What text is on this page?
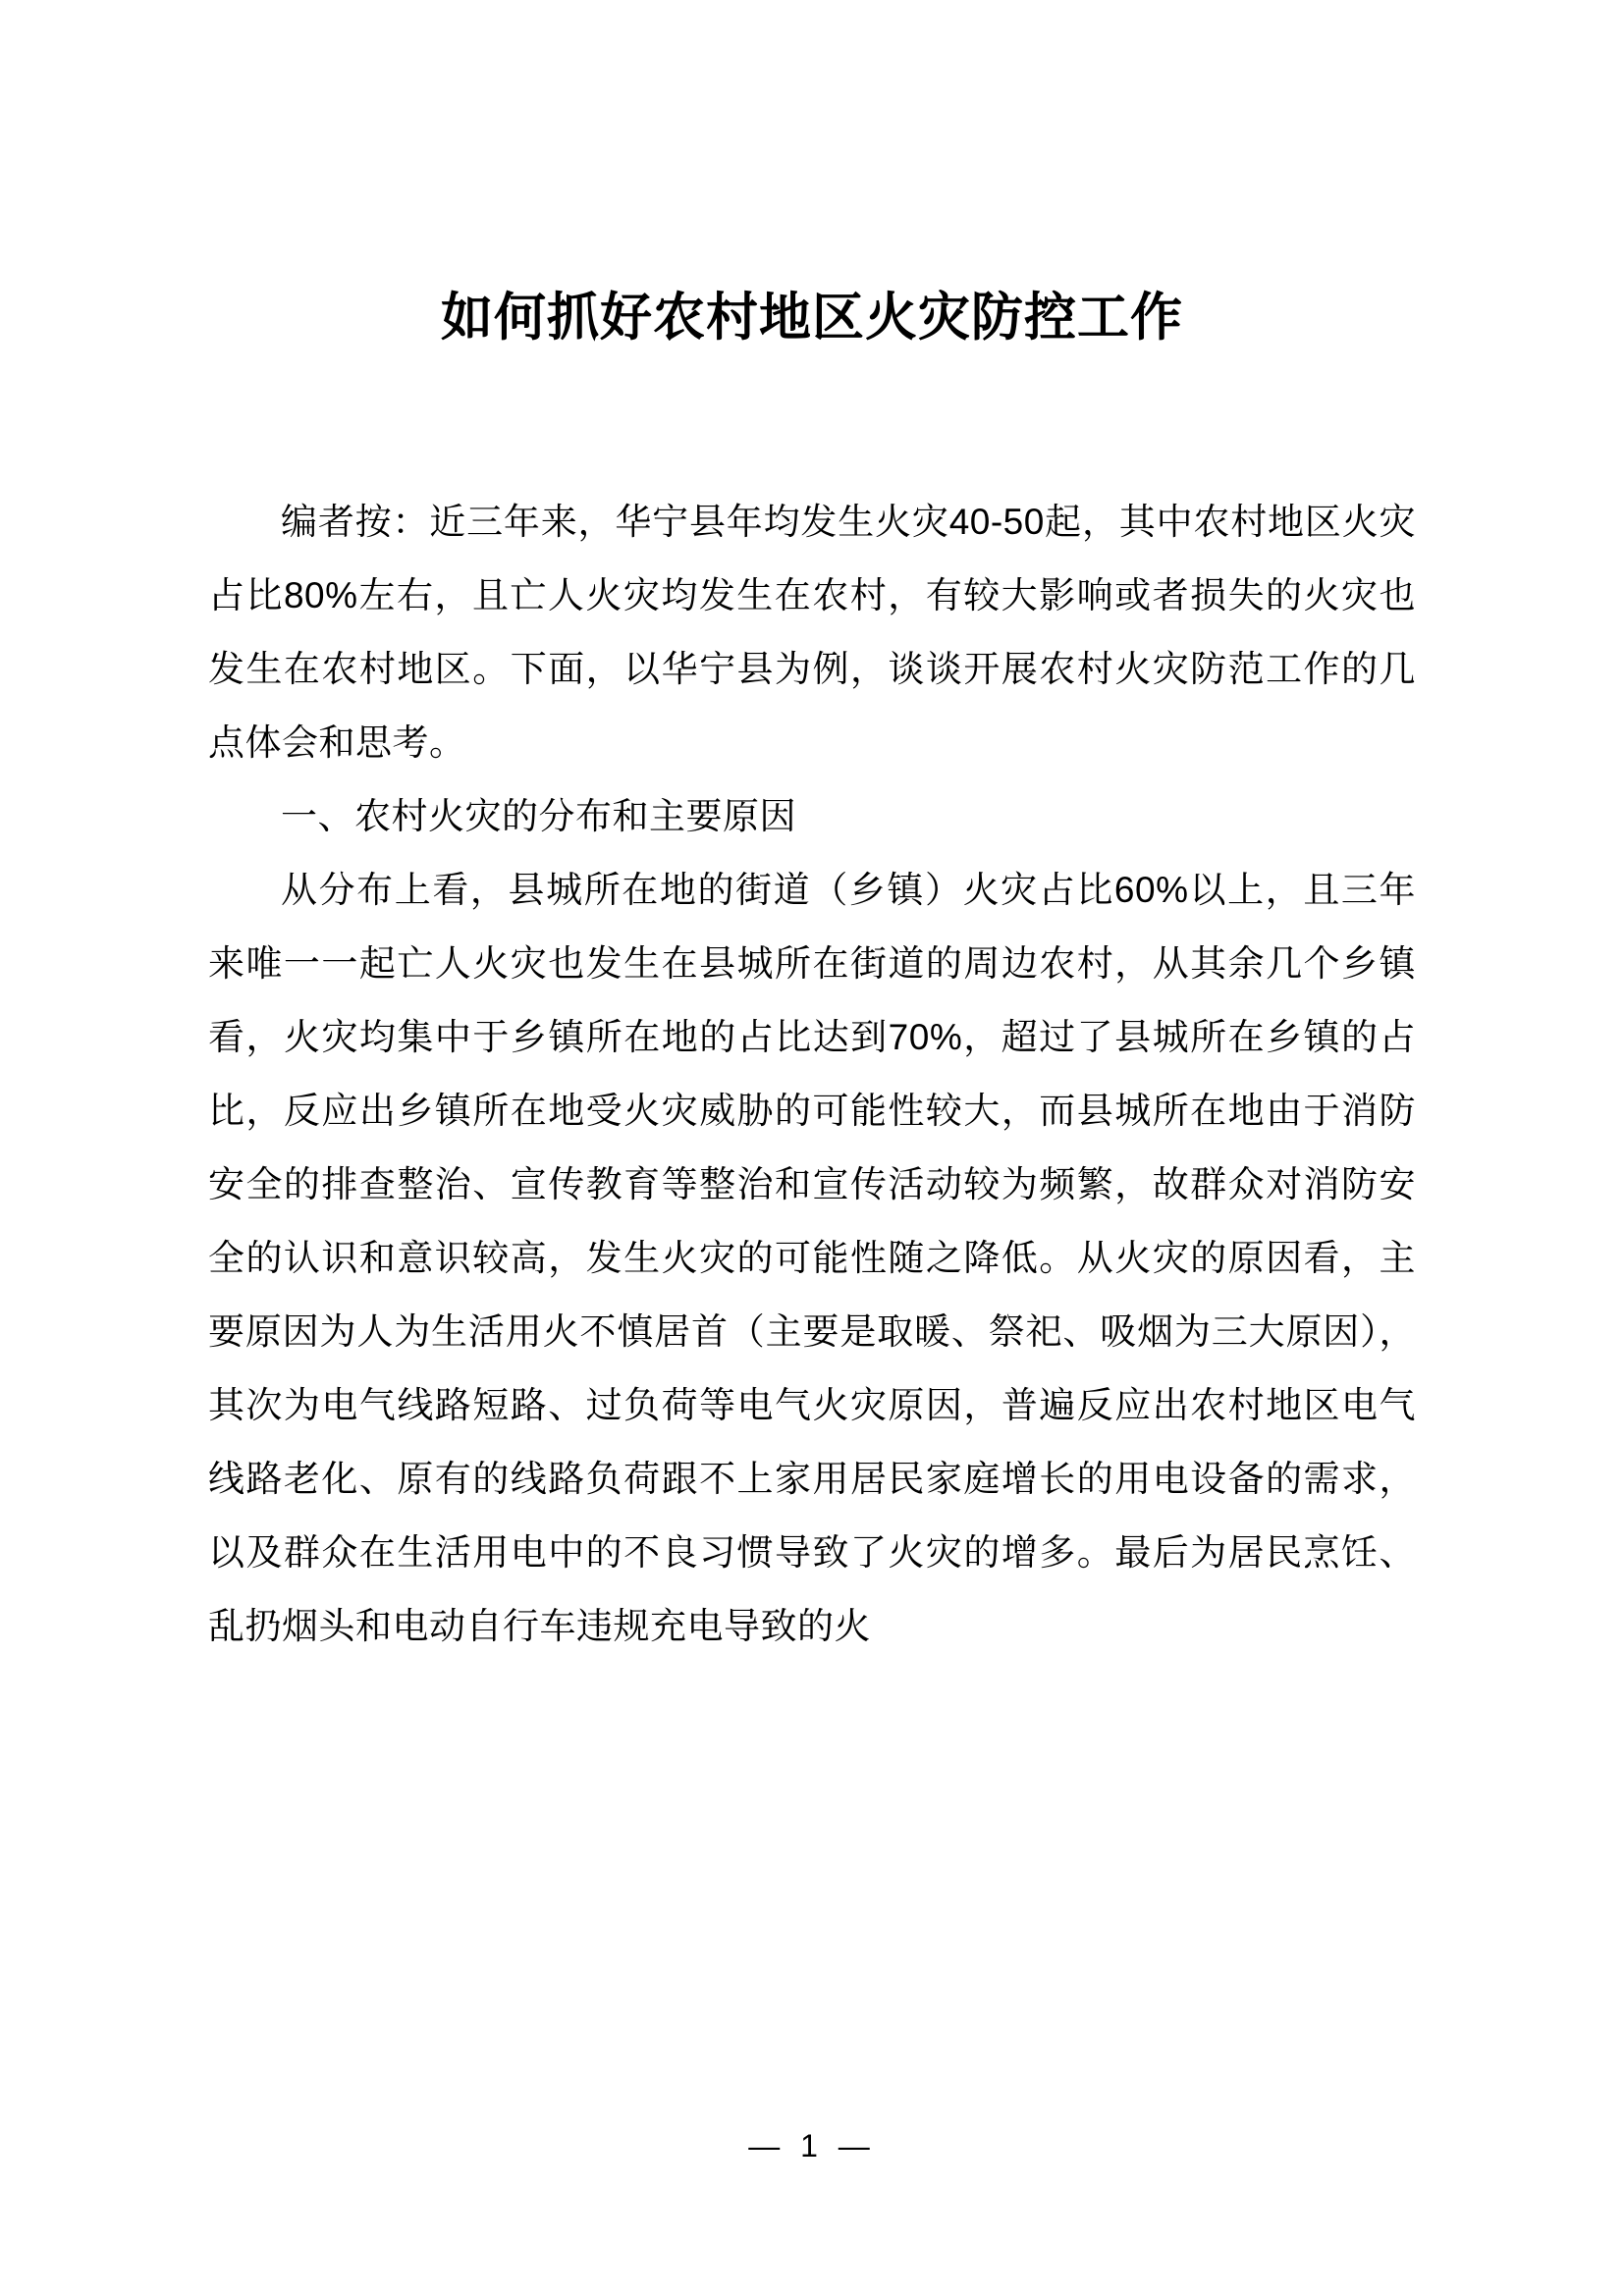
如何抓好农村地区火灾防控工作

编者按：近三年来，华宁县年均发生火灾40-50起，其中农村地区火灾占比80%左右，且亡人火灾均发生在农村，有较大影响或者损失的火灾也发生在农村地区。下面，以华宁县为例，谈谈开展农村火灾防范工作的几点体会和思考。

一、农村火灾的分布和主要原因

从分布上看，县城所在地的街道（乡镇）火灾占比60%以上，且三年来唯一一起亡人火灾也发生在县城所在街道的周边农村，从其余几个乡镇看，火灾均集中于乡镇所在地的占比达到70%，超过了县城所在乡镇的占比，反应出乡镇所在地受火灾威胁的可能性较大，而县城所在地由于消防安全的排查整治、宣传教育等整治和宣传活动较为频繁，故群众对消防安全的认识和意识较高，发生火灾的可能性随之降低。从火灾的原因看，主要原因为人为生活用火不慎居首（主要是取暖、祭祀、吸烟为三大原因），其次为电气线路短路、过负荷等电气火灾原因，普遍反应出农村地区电气线路老化、原有的线路负荷跟不上家用居民家庭增长的用电设备的需求，以及群众在生活用电中的不良习惯导致了火灾的增多。最后为居民烹饪、乱扔烟头和电动自行车违规充电导致的火

— 1 —
